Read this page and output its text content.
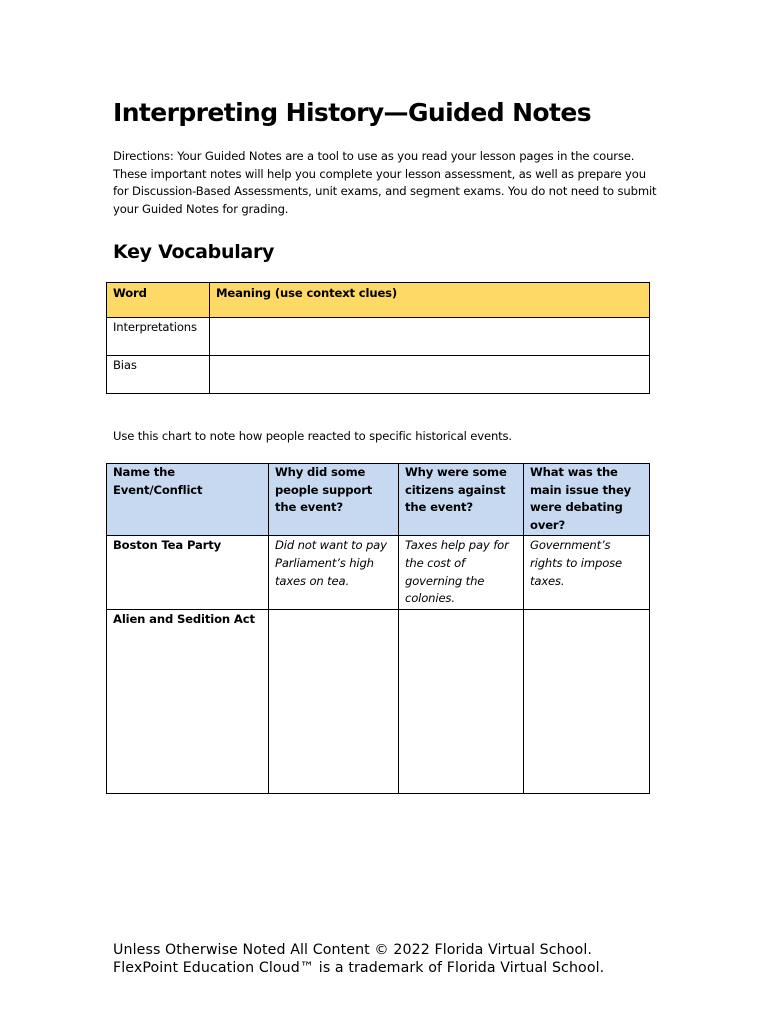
Interpreting History—Guided Notes

Directions: Your Guided Notes are a tool to use as you read your lesson pages in the course. These important notes will help you complete your lesson assessment, as well as prepare you for Discussion-Based Assessments, unit exams, and segment exams. You do not need to submit your Guided Notes for grading.

Key Vocabulary
Word	Meaning (use context clues)
Interpretations	
Bias	

Use this chart to note how people reacted to specific historical events.

Name the Event/Conflict	Why did some people support the event?	Why were some citizens against the event?	What was the main issue they were debating over?
Boston Tea Party	Did not want to pay Parliament’s high taxes on tea.	Taxes help pay for the cost of governing the colonies.	Government’s rights to impose taxes.
Alien and Sedition Act			

Unless Otherwise Noted All Content © 2022 Florida Virtual School.
FlexPoint Education Cloud™ is a trademark of Florida Virtual School.
